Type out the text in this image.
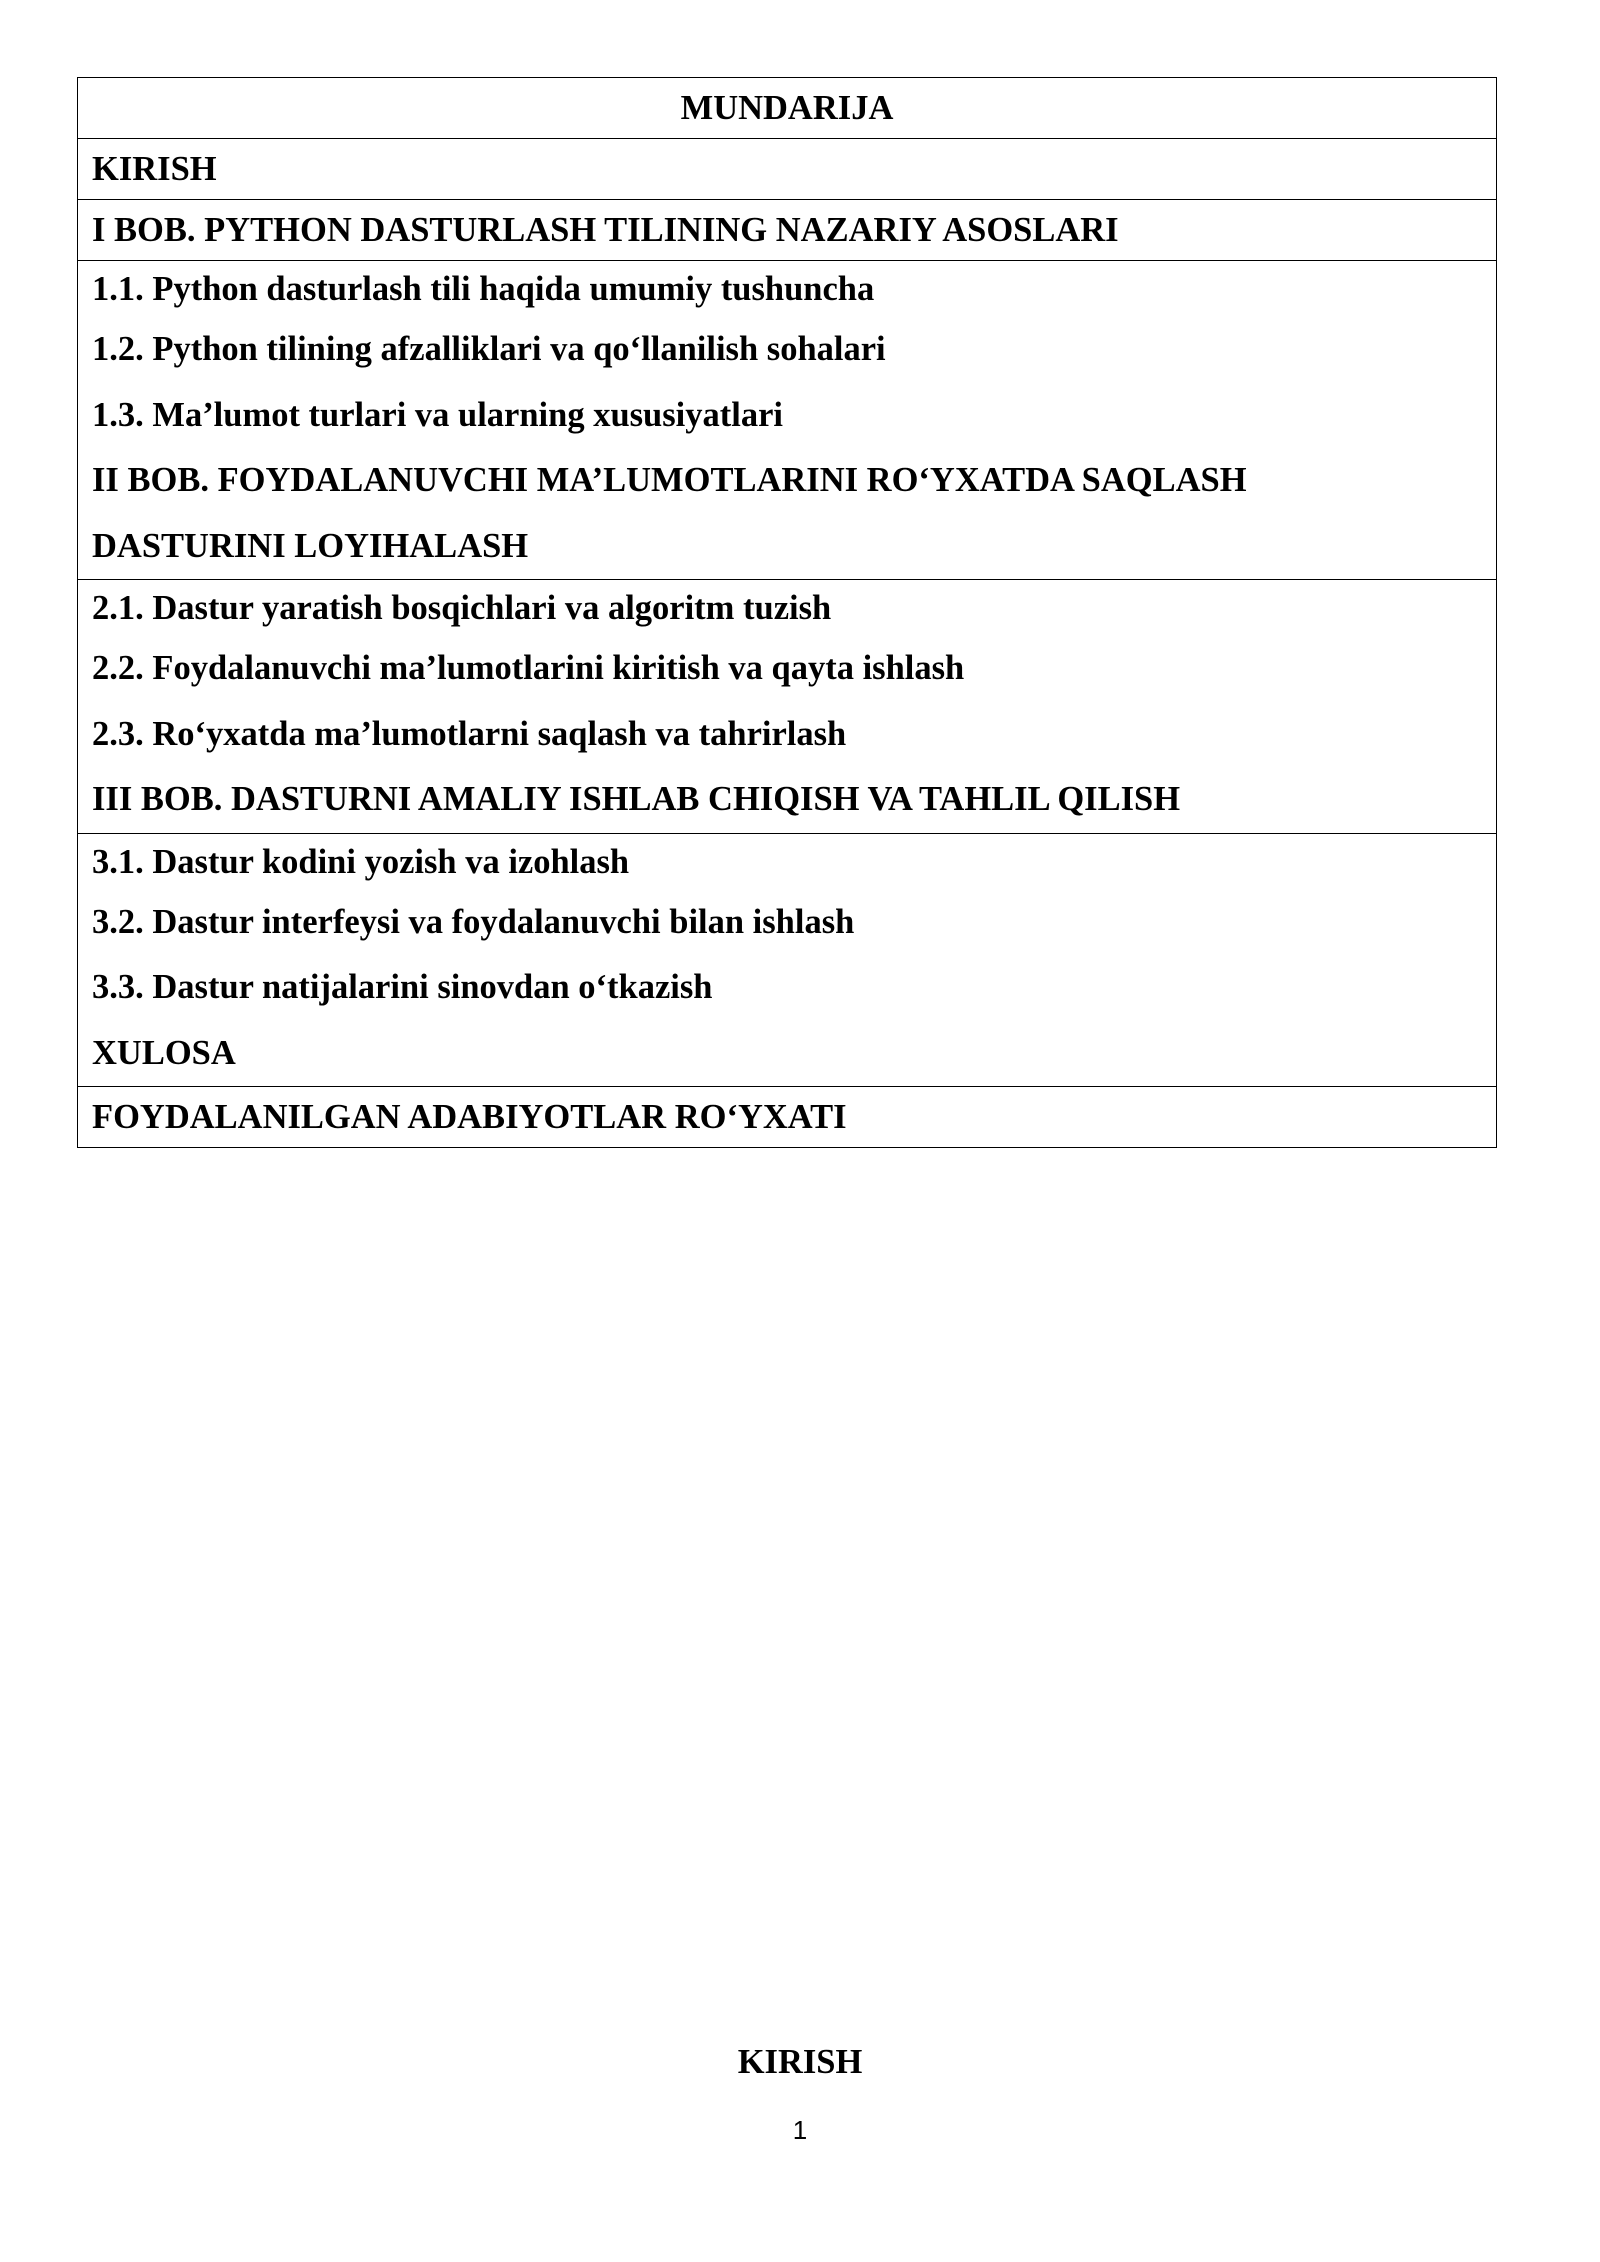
MUNDARIJA
KIRISH
I BOB. PYTHON DASTURLASH TILINING NAZARIY ASOSLARI
1.1. Python dasturlash tili haqida umumiy tushuncha
1.2. Python tilining afzalliklari va qo‘llanilish sohalari
1.3. Ma’lumot turlari va ularning xususiyatlari
II BOB. FOYDALANUVCHI MA’LUMOTLARINI RO‘YXATDA SAQLASH
DASTURINI LOYIHALASH
2.1. Dastur yaratish bosqichlari va algoritm tuzish
2.2. Foydalanuvchi ma’lumotlarini kiritish va qayta ishlash
2.3. Ro‘yxatda ma’lumotlarni saqlash va tahrirlash
III BOB. DASTURNI AMALIY ISHLAB CHIQISH VA TAHLIL QILISH
3.1. Dastur kodini yozish va izohlash
3.2. Dastur interfeysi va foydalanuvchi bilan ishlash
3.3. Dastur natijalarini sinovdan o‘tkazish
XULOSA
FOYDALANILGAN ADABIYOTLAR RO‘YXATI
KIRISH
1
